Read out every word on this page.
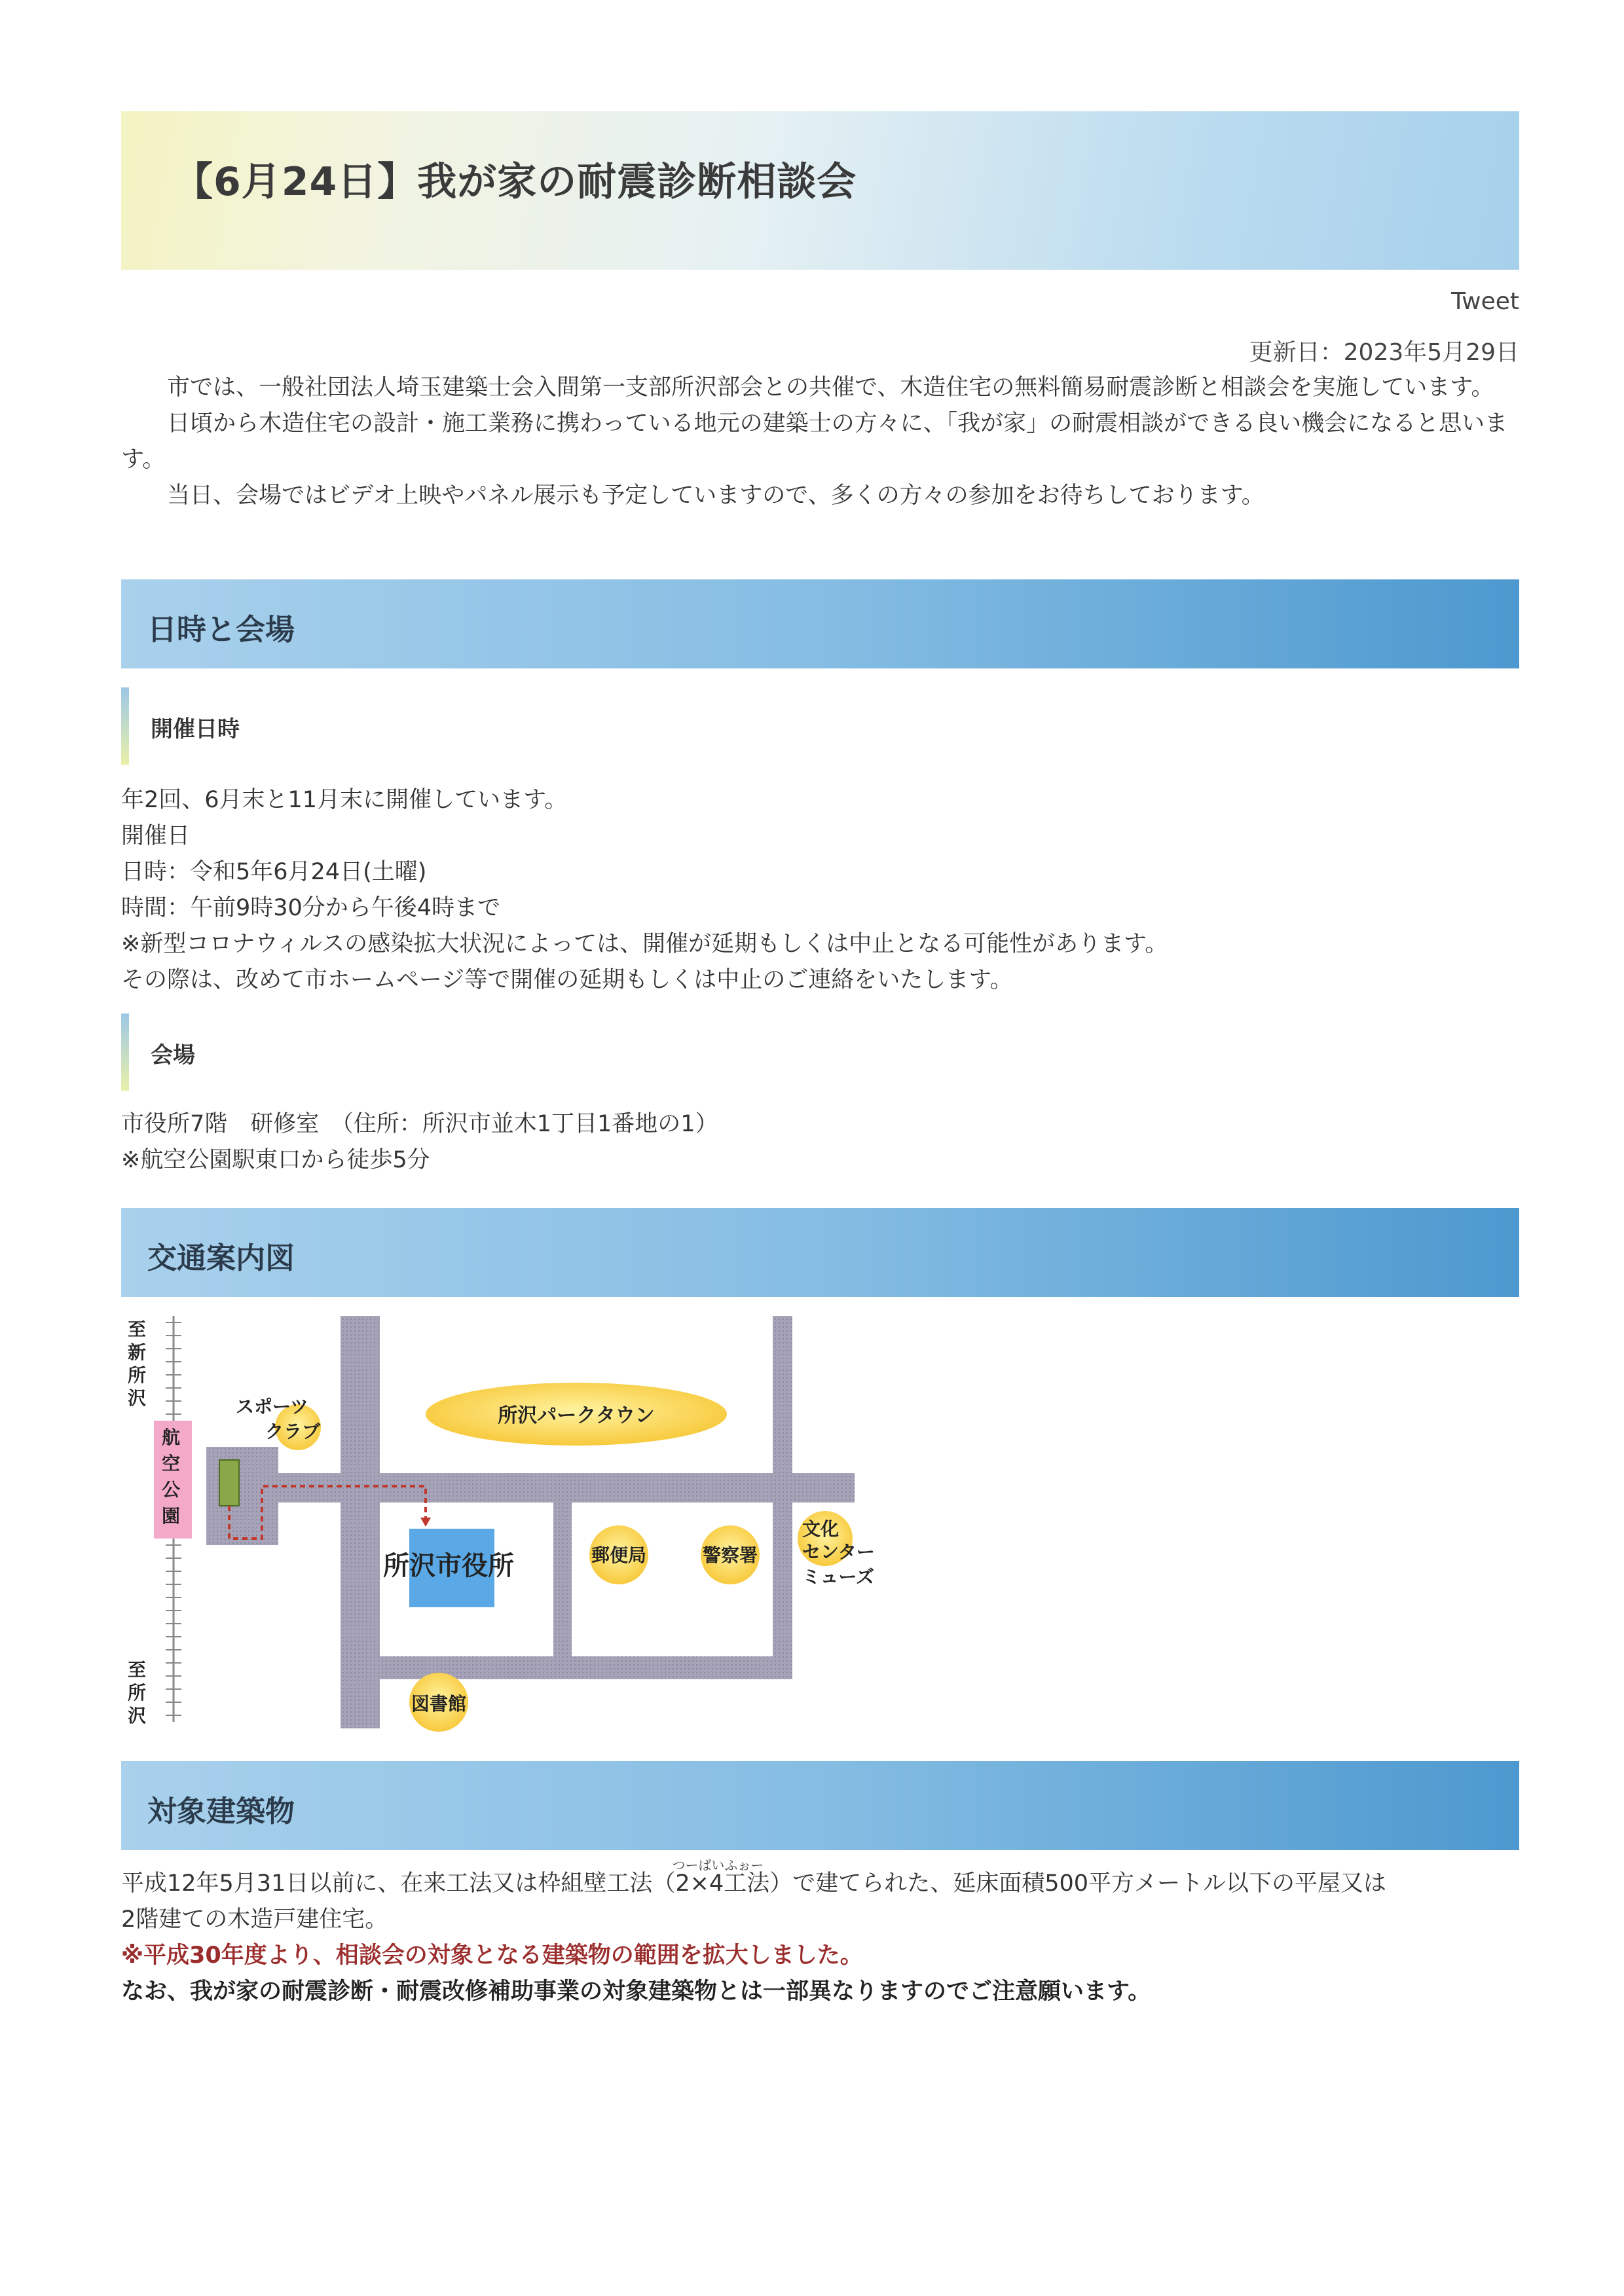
【6月24日】我が家の耐震診断相談会
Tweet
更新日：2023年5月29日

市では、一般社団法人埼玉建築士会入間第一支部所沢部会との共催で、木造住宅の無料簡易耐震診断と相談会を実施しています。

日頃から木造住宅の設計・施工業務に携わっている地元の建築士の方々に、「我が家」の耐震相談ができる良い機会になると思います。

当日、会場ではビデオ上映やパネル展示も予定していますので、多くの方々の参加をお待ちしております。

日時と会場
開催日時
年2回、6月末と11月末に開催しています。
開催日
日時：令和5年6月24日(土曜)
時間：午前9時30分から午後4時まで
※新型コロナウィルスの感染拡大状況によっては、開催が延期もしくは中止となる可能性があります。
その際は、改めて市ホームページ等で開催の延期もしくは中止のご連絡をいたします。
会場
市役所7階　研修室　（住所：所沢市並木1丁目1番地の1）
※航空公園駅東口から徒歩5分
交通案内図
航 空 公 園
至新所沢
至所沢
所沢市役所
所沢パークタウン
スポーツクラブ
郵便局	警察署
文化 センター ミューズ
図書館
対象建築物
平成12年5月31日以前に、在来工法又は枠組壁工法（
つーばいふぉー
2×4工法）で建てられた、延床面積500平方メートル以下の平屋又は
2階建ての木造戸建住宅。
※平成30年度より、相談会の対象となる建築物の範囲を拡大しました。
なお、我が家の耐震診断・耐震改修補助事業の対象建築物とは一部異なりますのでご注意願います。
